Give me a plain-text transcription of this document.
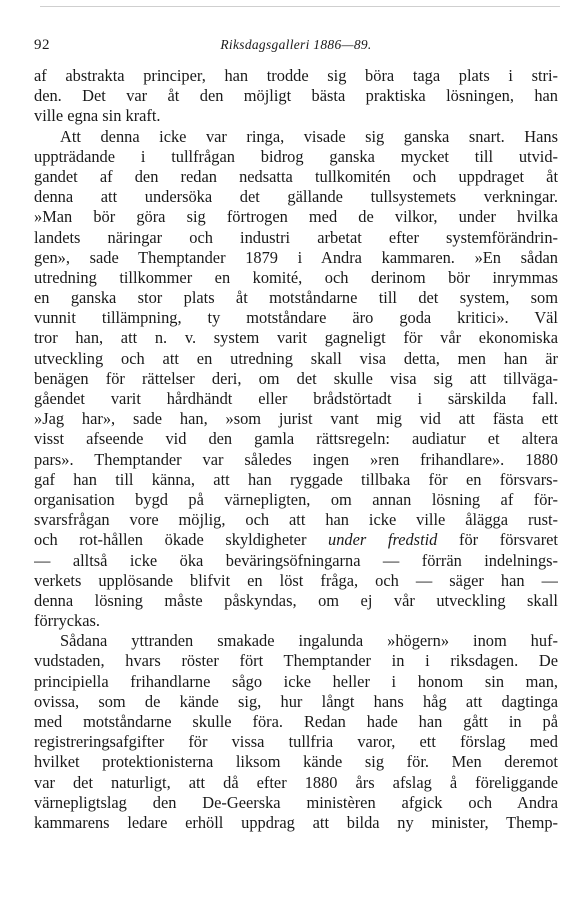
92	Riksdagsgalleri 1886—89.
af abstrakta principer, han trodde sig böra taga plats i stri-
den. Det var åt den möjligt bästa praktiska lösningen, han
ville egna sin kraft.
Att denna icke var ringa, visade sig ganska snart. Hans
uppträdande i tullfrågan bidrog ganska mycket till utvid-
gandet af den redan nedsatta tullkomitén och uppdraget åt
denna att undersöka det gällande tullsystemets verkningar.
»Man bör göra sig förtrogen med de vilkor, under hvilka
landets näringar och industri arbetat efter systemförändrin-
gen», sade Themptander 1879 i Andra kammaren. »En sådan
utredning tillkommer en komité, och derinom bör inrymmas
en ganska stor plats åt motståndarne till det system, som
vunnit tillämpning, ty motståndare äro goda kritici». Väl
tror han, att n. v. system varit gagneligt för vår ekonomiska
utveckling och att en utredning skall visa detta, men han är
benägen för rättelser deri, om det skulle visa sig att tillväga-
gåendet varit hårdhändt eller brådstörtadt i särskilda fall.
»Jag har», sade han, »som jurist vant mig vid att fästa ett
visst afseende vid den gamla rättsregeln: audiatur et altera
pars». Themptander var således ingen »ren frihandlare». 1880
gaf han till känna, att han ryggade tillbaka för en försvars-
organisation bygd på värnepligten, om annan lösning af för-
svarsfrågan vore möjlig, och att han icke ville ålägga rust-
och rot-hållen ökade skyldigheter under fredstid för försvaret
— alltså icke öka beväringsöfningarna — förrän indelnings-
verkets upplösande blifvit en löst fråga, och — säger han —
denna lösning måste påskyndas, om ej vår utveckling skall
förryckas.
Sådana yttranden smakade ingalunda »högern» inom huf-
vudstaden, hvars röster fört Themptander in i riksdagen. De
principiella frihandlarne sågo icke heller i honom sin man,
ovissa, som de kände sig, hur långt hans håg att dagtinga
med motståndarne skulle föra. Redan hade han gått in på
registreringsafgifter för vissa tullfria varor, ett förslag med
hvilket protektionisterna liksom kände sig för. Men deremot
var det naturligt, att då efter 1880 års afslag å föreliggande
värnepligtslag den De-Geerska ministèren afgick och Andra
kammarens ledare erhöll uppdrag att bilda ny minister, Themp-
